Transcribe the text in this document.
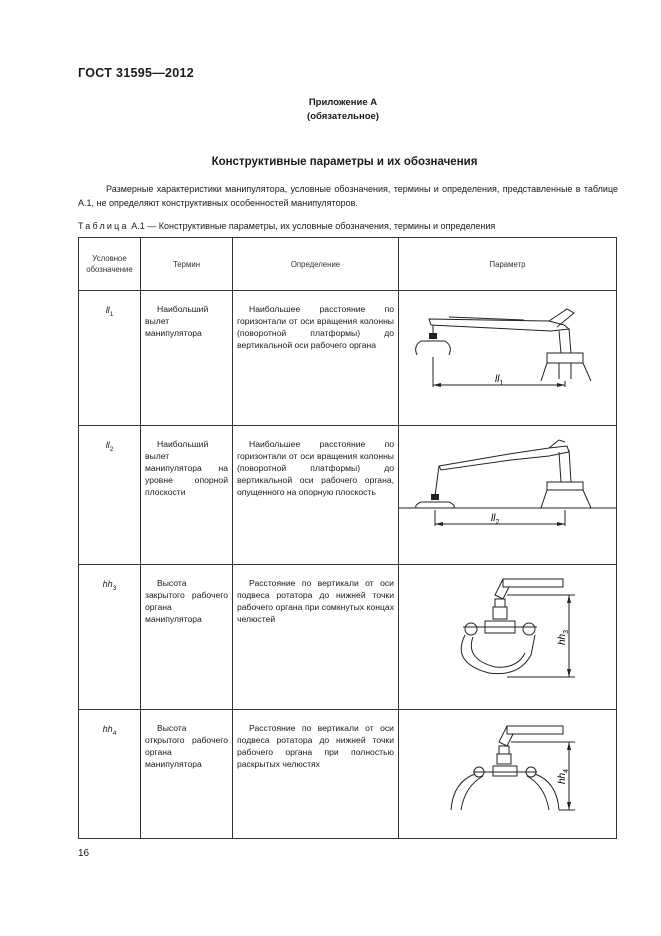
ГОСТ 31595—2012
Приложение А
(обязательное)
Конструктивные параметры и их обозначения
Размерные характеристики манипулятора, условные обозначения, термины и определения, представленные в таблице А.1, не определяют конструктивных особенностей манипуляторов.
Таблица А.1 — Конструктивные параметры, их условные обозначения, термины и определения
Условное обозначение	Термин	Определение	Параметр
$ll_1$	Наибольший вылет манипулятора	Наибольшее расстояние по горизонтали от оси вращения колонны (поворотной платформы) до вертикальной оси рабочего органа	$ll_1$

$ll_2$	Наибольший вылет манипулятора на уровне опорной плоскости	Наибольшее расстояние по горизонтали от оси вращения колонны (поворотной платформы) до вертикальной оси рабочего органа, опущенного на опорную плоскость	$ll_2$

$hh_3$	Высота закрытого рабочего органа манипулятора	Расстояние по вертикали от оси подвеса ротатора до нижней точки рабочего органа при сомкнутых концах челюстей	$hh_3$

$hh_4$	Высота открытого рабочего органа манипулятора	Расстояние по вертикали от оси подвеса ротатора до нижней точки рабочего органа при полностью раскрытых челюстях	$hh_4$
16
